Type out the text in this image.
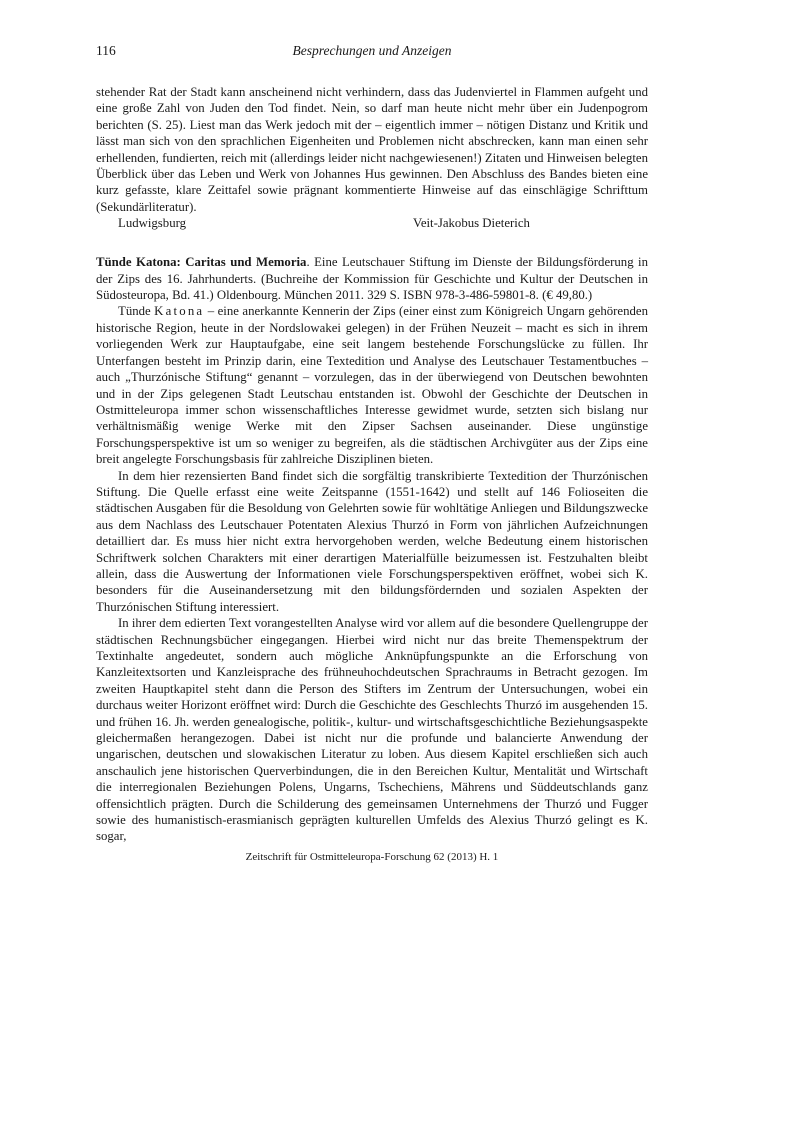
116	Besprechungen und Anzeigen

stehender Rat der Stadt kann anscheinend nicht verhindern, dass das Judenviertel in Flammen aufgeht und eine große Zahl von Juden den Tod findet. Nein, so darf man heute nicht mehr über ein Judenpogrom berichten (S. 25). Liest man das Werk jedoch mit der – eigentlich immer – nötigen Distanz und Kritik und lässt man sich von den sprachlichen Eigenheiten und Problemen nicht abschrecken, kann man einen sehr erhellenden, fundierten, reich mit (allerdings leider nicht nachgewiesenen!) Zitaten und Hinweisen belegten Überblick über das Leben und Werk von Johannes Hus gewinnen. Den Abschluss des Bandes bieten eine kurz gefasste, klare Zeittafel sowie prägnant kommentierte Hinweise auf das einschlägige Schrifttum (Sekundärliteratur).

Ludwigsburg	Veit-Jakobus Dieterich

Tünde Katona: Caritas und Memoria. Eine Leutschauer Stiftung im Dienste der Bildungsförderung in der Zips des 16. Jahrhunderts. (Buchreihe der Kommission für Geschichte und Kultur der Deutschen in Südosteuropa, Bd. 41.) Oldenbourg. München 2011. 329 S. ISBN 978-3-486-59801-8. (€ 49,80.)

Tünde Katona – eine anerkannte Kennerin der Zips (einer einst zum Königreich Ungarn gehörenden historische Region, heute in der Nordslowakei gelegen) in der Frühen Neuzeit – macht es sich in ihrem vorliegenden Werk zur Hauptaufgabe, eine seit langem bestehende Forschungslücke zu füllen. Ihr Unterfangen besteht im Prinzip darin, eine Textedition und Analyse des Leutschauer Testamentbuches – auch „Thurzónische Stiftung“ genannt – vorzulegen, das in der überwiegend von Deutschen bewohnten und in der Zips gelegenen Stadt Leutschau entstanden ist. Obwohl der Geschichte der Deutschen in Ostmitteleuropa immer schon wissenschaftliches Interesse gewidmet wurde, setzten sich bislang nur verhältnismäßig wenige Werke mit den Zipser Sachsen auseinander. Diese ungünstige Forschungsperspektive ist um so weniger zu begreifen, als die städtischen Archivgüter aus der Zips eine breit angelegte Forschungsbasis für zahlreiche Disziplinen bieten.

In dem hier rezensierten Band findet sich die sorgfältig transkribierte Textedition der Thurzónischen Stiftung. Die Quelle erfasst eine weite Zeitspanne (1551-1642) und stellt auf 146 Folioseiten die städtischen Ausgaben für die Besoldung von Gelehrten sowie für wohltätige Anliegen und Bildungszwecke aus dem Nachlass des Leutschauer Potentaten Alexius Thurzó in Form von jährlichen Aufzeichnungen detailliert dar. Es muss hier nicht extra hervorgehoben werden, welche Bedeutung einem historischen Schriftwerk solchen Charakters mit einer derartigen Materialfülle beizumessen ist. Festzuhalten bleibt allein, dass die Auswertung der Informationen viele Forschungsperspektiven eröffnet, wobei sich K. besonders für die Auseinandersetzung mit den bildungsfördernden und sozialen Aspekten der Thurzónischen Stiftung interessiert.

In ihrer dem edierten Text vorangestellten Analyse wird vor allem auf die besondere Quellengruppe der städtischen Rechnungsbücher eingegangen. Hierbei wird nicht nur das breite Themenspektrum der Textinhalte angedeutet, sondern auch mögliche Anknüpfungspunkte an die Erforschung von Kanzleitextsorten und Kanzleisprache des frühneuhochdeutschen Sprachraums in Betracht gezogen. Im zweiten Hauptkapitel steht dann die Person des Stifters im Zentrum der Untersuchungen, wobei ein durchaus weiter Horizont eröffnet wird: Durch die Geschichte des Geschlechts Thurzó im ausgehenden 15. und frühen 16. Jh. werden genealogische, politik-, kultur- und wirtschaftsgeschichtliche Beziehungsaspekte gleichermaßen herangezogen. Dabei ist nicht nur die profunde und balancierte Anwendung der ungarischen, deutschen und slowakischen Literatur zu loben. Aus diesem Kapitel erschließen sich auch anschaulich jene historischen Querverbindungen, die in den Bereichen Kultur, Mentalität und Wirtschaft die interregionalen Beziehungen Polens, Ungarns, Tschechiens, Mährens und Süddeutschlands ganz offensichtlich prägten. Durch die Schilderung des gemeinsamen Unternehmens der Thurzó und Fugger sowie des humanistisch-erasmianisch geprägten kulturellen Umfelds des Alexius Thurzó gelingt es K. sogar,

Zeitschrift für Ostmitteleuropa-Forschung 62 (2013) H. 1
